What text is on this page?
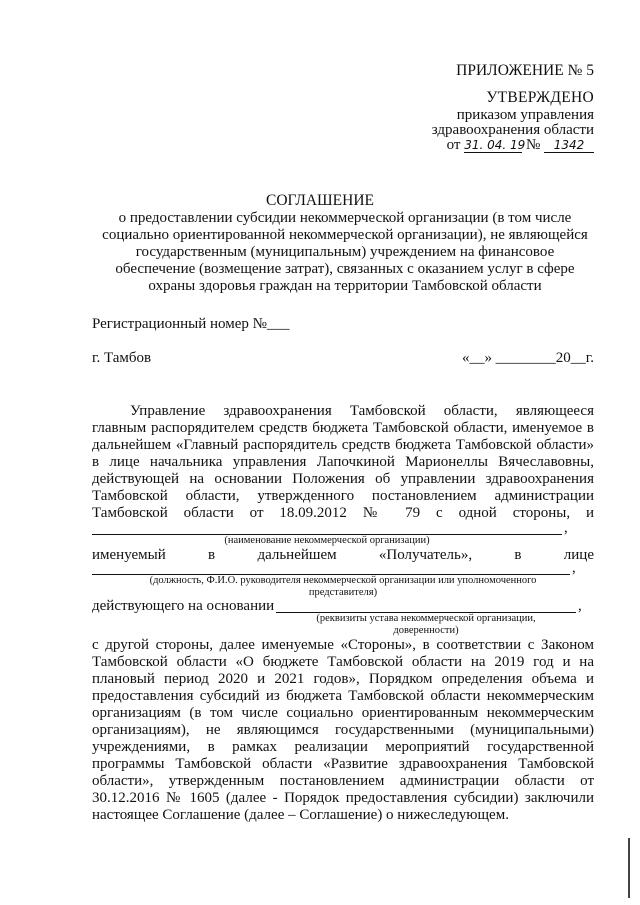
ПРИЛОЖЕНИЕ № 5
УТВЕРЖДЕНО
приказом управления
здравоохранения области
от 31. 04. 19 № 1342
СОГЛАШЕНИЕ
о предоставлении субсидии некоммерческой организации (в том числе
социально ориентированной некоммерческой организации), не являющейся
государственным (муниципальным) учреждением на финансовое
обеспечение (возмещение затрат), связанных с оказанием услуг в сфере
охраны здоровья граждан на территории Тамбовской области
Регистрационный номер №___
г. Тамбов	«__» ________20__г.
Управление здравоохранения Тамбовской области, являющееся
главным распорядителем средств бюджета Тамбовской области, именуемое в
дальнейшем «Главный распорядитель средств бюджета Тамбовской области»
в лице начальника управления Лапочкиной Марионеллы Вячеславовны,
действующей на основании Положения об управлении здравоохранения
Тамбовской области, утвержденного постановлением администрации
Тамбовской области от 18.09.2012 № 79 с одной стороны, и
,
(наименование некоммерческой организации)
именуемый в дальнейшем «Получатель», в лице
,
(должность, Ф.И.О. руководителя некоммерческой организации или уполномоченного
представителя)
действующего на основании	,
(реквизиты устава некоммерческой организации,
доверенности)
с другой стороны, далее именуемые «Стороны», в соответствии с Законом
Тамбовской области «О бюджете Тамбовской области на 2019 год и на
плановый период 2020 и 2021 годов», Порядком определения объема и
предоставления субсидий из бюджета Тамбовской области некоммерческим
организациям (в том числе социально ориентированным некоммерческим
организациям), не являющимся государственными (муниципальными)
учреждениями, в рамках реализации мероприятий государственной
программы Тамбовской области «Развитие здравоохранения Тамбовской
области», утвержденным постановлением администрации области от
30.12.2016 № 1605 (далее - Порядок предоставления субсидии) заключили
настоящее Соглашение (далее – Соглашение) о нижеследующем.
